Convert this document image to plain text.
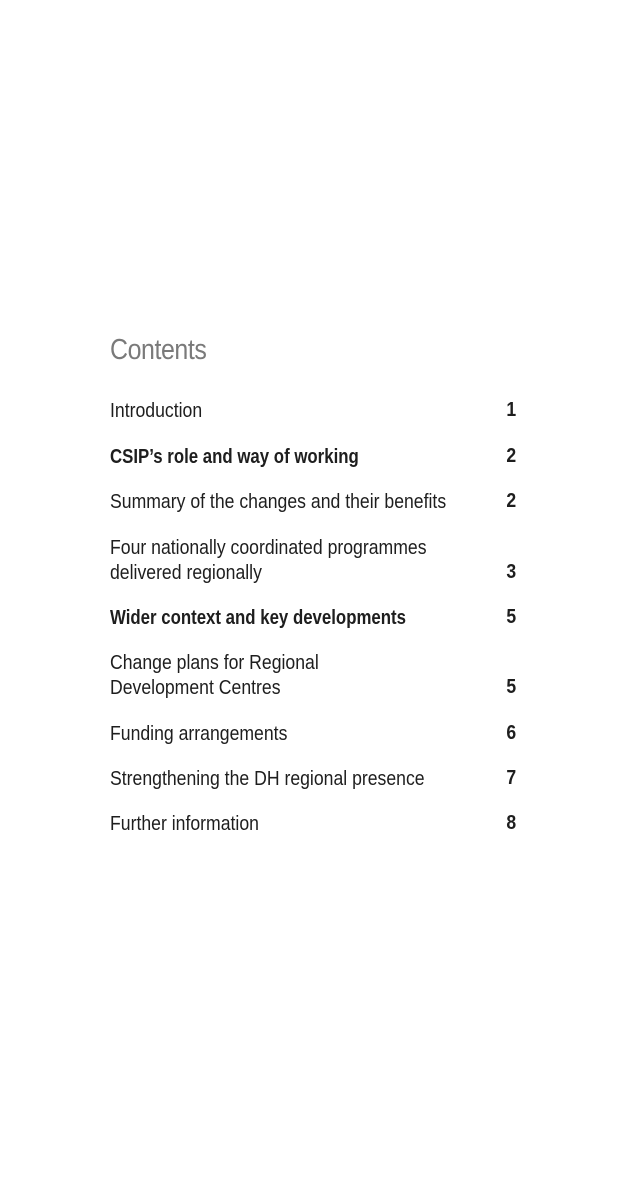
Contents
Introduction	1
CSIP’s role and way of working	2
Summary of the changes and their benefits	2
Four nationally coordinated programmes
delivered regionally	3
Wider context and key developments	5
Change plans for Regional
Development Centres	5
Funding arrangements	6
Strengthening the DH regional presence	7
Further information	8
